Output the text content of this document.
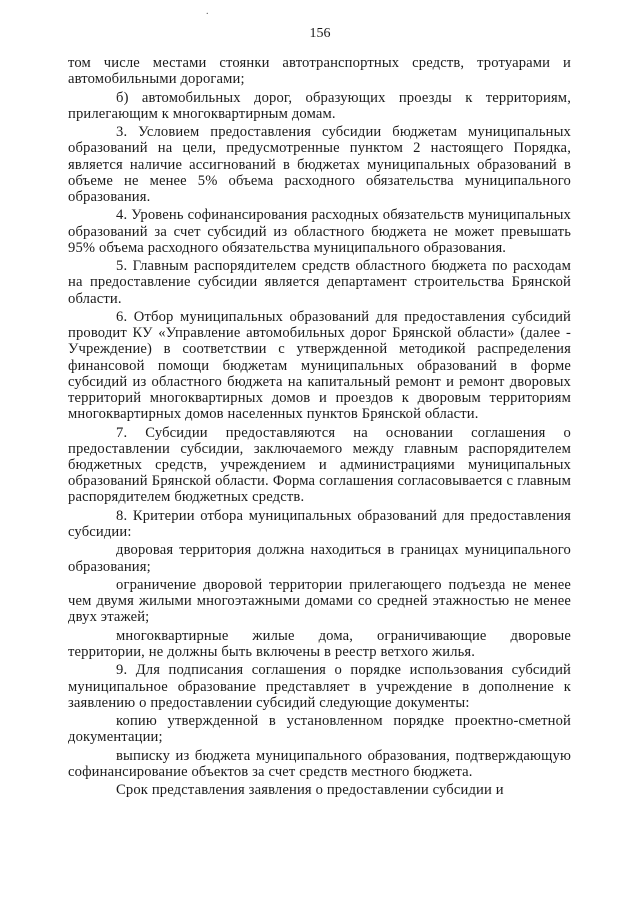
.
156

том числе местами стоянки автотранспортных средств, тротуарами и автомобильными дорогами;

б) автомобильных дорог, образующих проезды к территориям, прилегающим к многоквартирным домам.

3. Условием предоставления субсидии бюджетам муниципальных образований на цели, предусмотренные пунктом 2 настоящего Порядка, является наличие ассигнований в бюджетах муниципальных образований в объеме не менее 5% объема расходного обязательства муниципального образования.

4. Уровень софинансирования расходных обязательств муниципальных образований за счет субсидий из областного бюджета не может превышать 95% объема расходного обязательства муниципального образования.

5. Главным распорядителем средств областного бюджета по расходам на предоставление субсидии является департамент строительства Брянской области.

6. Отбор муниципальных образований для предоставления субсидий проводит КУ «Управление автомобильных дорог Брянской области» (далее - Учреждение) в соответствии с утвержденной методикой распределения финансовой помощи бюджетам муниципальных образований в форме субсидий из областного бюджета на капитальный ремонт и ремонт дворовых территорий многоквартирных домов и проездов к дворовым территориям многоквартирных домов населенных пунктов Брянской области.

7. Субсидии предоставляются на основании соглашения о предоставлении субсидии, заключаемого между главным распорядителем бюджетных средств, учреждением и администрациями муниципальных образований Брянской области. Форма соглашения согласовывается с главным распорядителем бюджетных средств.

8. Критерии отбора муниципальных образований для предоставления субсидии:

дворовая территория должна находиться в границах муниципального образования;

ограничение дворовой территории прилегающего подъезда не менее чем двумя жилыми многоэтажными домами со средней этажностью не менее двух этажей;

многоквартирные жилые дома, ограничивающие дворовые территории, не должны быть включены в реестр ветхого жилья.

9. Для подписания соглашения о порядке использования субсидий муниципальное образование представляет в учреждение в дополнение к заявлению о предоставлении субсидий следующие документы:

копию утвержденной в установленном порядке проектно-сметной документации;

выписку из бюджета муниципального образования, подтверждающую софинансирование объектов за счет средств местного бюджета.

Срок представления заявления о предоставлении субсидии и
